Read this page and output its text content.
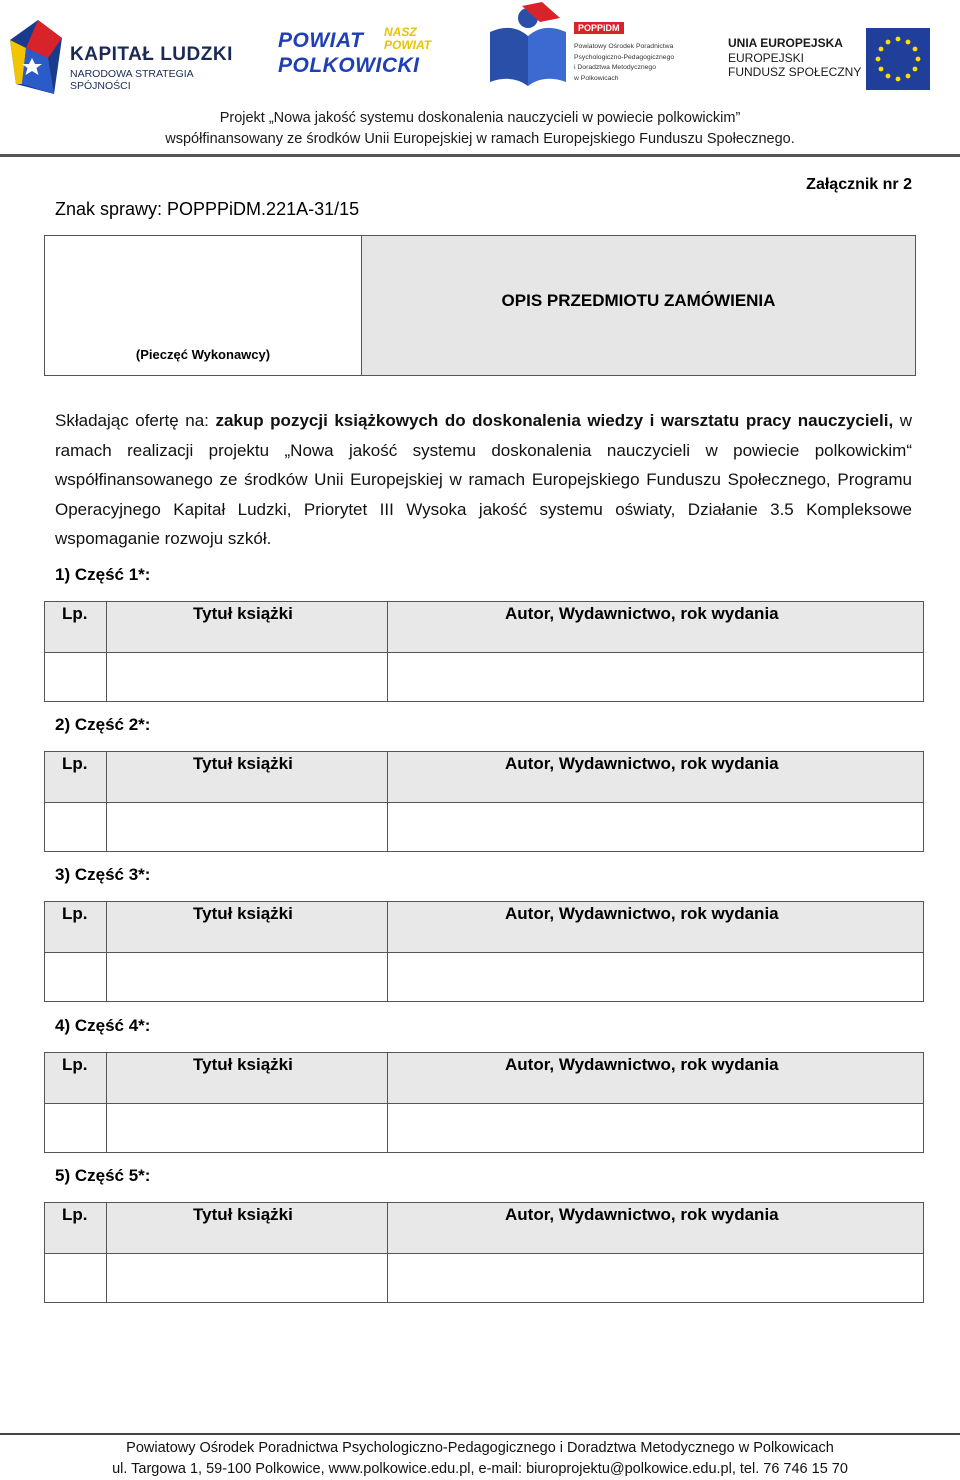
KAPITAŁ LUDZKI
NARODOWA STRATEGIA SPÓJNOŚCI
POWIAT
POLKOWICKI
NASZ
POWIAT
POPPiDM
Powiatowy Ośrodek Poradnictwa
Psychologiczno-Pedagogicznego
i Doradztwa Metodycznego
w Polkowicach
UNIA EUROPEJSKA
EUROPEJSKI
FUNDUSZ SPOŁECZNY
Projekt „Nowa jakość systemu doskonalenia nauczycieli w powiecie polkowickim”
współfinansowany ze środków Unii Europejskiej w ramach Europejskiego Funduszu Społecznego.
Znak sprawy: POPPPiDM.221A-31/15
Załącznik nr 2
(Pieczęć Wykonawcy)
OPIS PRZEDMIOTU ZAMÓWIENIA
Składając ofertę na: zakup pozycji książkowych do doskonalenia wiedzy i warsztatu pracy nauczycieli, w ramach realizacji projektu „Nowa jakość systemu doskonalenia nauczycieli w powiecie polkowickim“ współfinansowanego ze środków Unii Europejskiej w ramach Europejskiego Funduszu Społecznego, Programu Operacyjnego Kapitał Ludzki, Priorytet III Wysoka jakość systemu oświaty, Działanie 3.5 Kompleksowe wspomaganie rozwoju szkół.
1) Część 1*:
Lp.	Tytuł książki	Autor, Wydawnictwo, rok wydania
2) Część 2*:
Lp.	Tytuł książki	Autor, Wydawnictwo, rok wydania
3) Część 3*:
Lp.	Tytuł książki	Autor, Wydawnictwo, rok wydania
4) Część 4*:
Lp.	Tytuł książki	Autor, Wydawnictwo, rok wydania
5) Część 5*:
Lp.	Tytuł książki	Autor, Wydawnictwo, rok wydania
Powiatowy Ośrodek Poradnictwa Psychologiczno-Pedagogicznego i Doradztwa Metodycznego w Polkowicach
ul. Targowa 1, 59-100 Polkowice, www.polkowice.edu.pl, e-mail: biuroprojektu@polkowice.edu.pl, tel. 76 746 15 70
